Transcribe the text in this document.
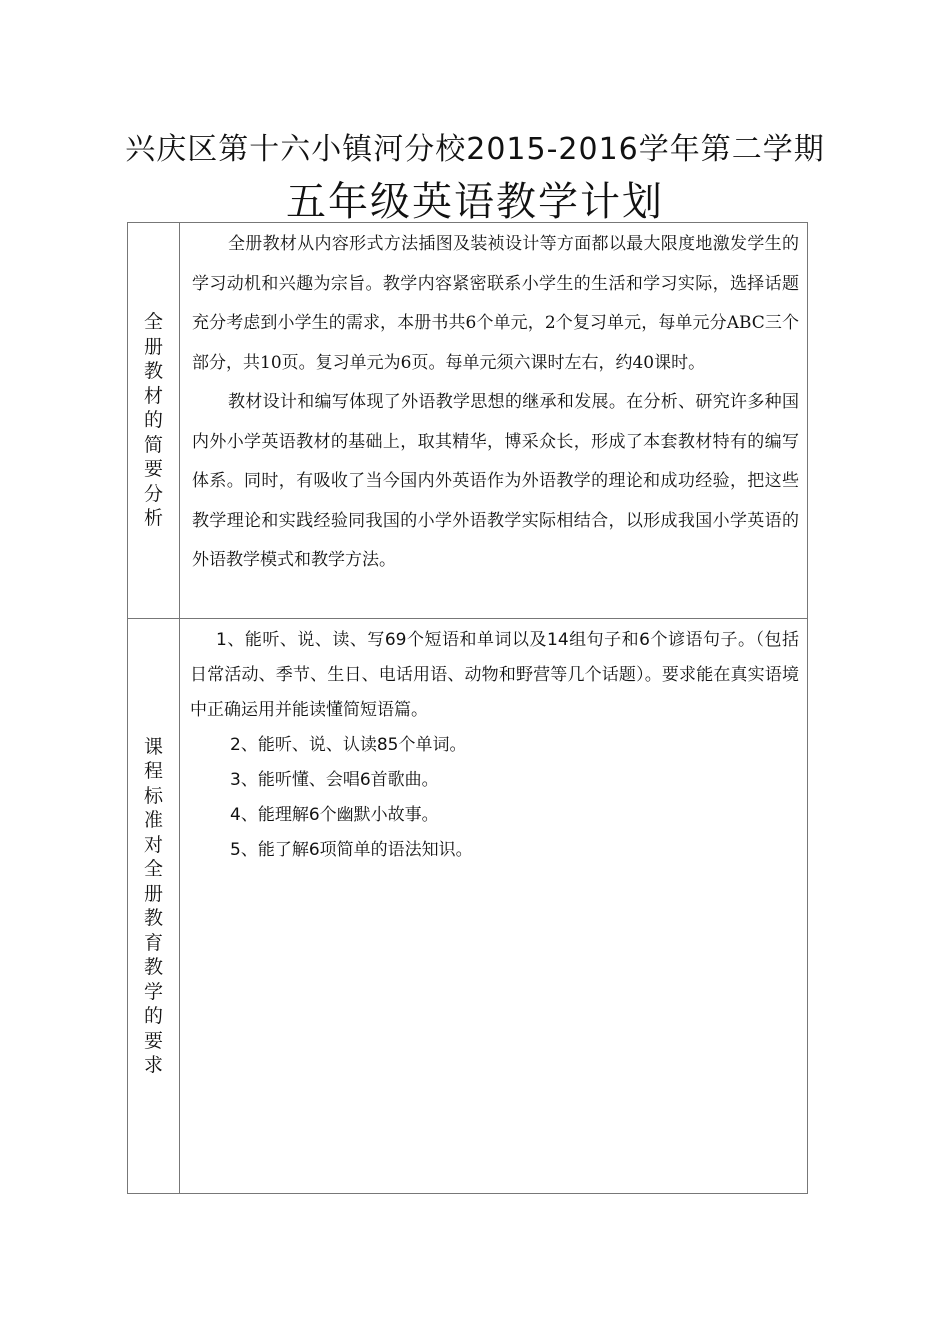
兴庆区第十六小镇河分校2015-2016学年第二学期
五年级英语教学计划
全册教材的简要分析	全册教材从内容形式方法插图及装祯设计等方面都以最大限度地激发学生的学习动机和兴趣为宗旨。教学内容紧密联系小学生的生活和学习实际，选择话题充分考虑到小学生的需求，本册书共6个单元，2个复习单元，每单元分ABC三个部分，共10页。复习单元为6页。每单元须六课时左右，约40课时。

教材设计和编写体现了外语教学思想的继承和发展。在分析、研究许多种国内外小学英语教材的基础上，取其精华，博采众长，形成了本套教材特有的编写体系。同时，有吸收了当今国内外英语作为外语教学的理论和成功经验，把这些教学理论和实践经验同我国的小学外语教学实际相结合，以形成我国小学英语的外语教学模式和教学方法。

课程标准对全册教育教学的要求	1、能听、说、读、写69个短语和单词以及14组句子和6个谚语句子。（包括日常活动、季节、生日、电话用语、动物和野营等几个话题）。要求能在真实语境中正确运用并能读懂简短语篇。

2、能听、说、认读85个单词。

3、能听懂、会唱6首歌曲。

4、能理解6个幽默小故事。

5、能了解6项简单的语法知识。
